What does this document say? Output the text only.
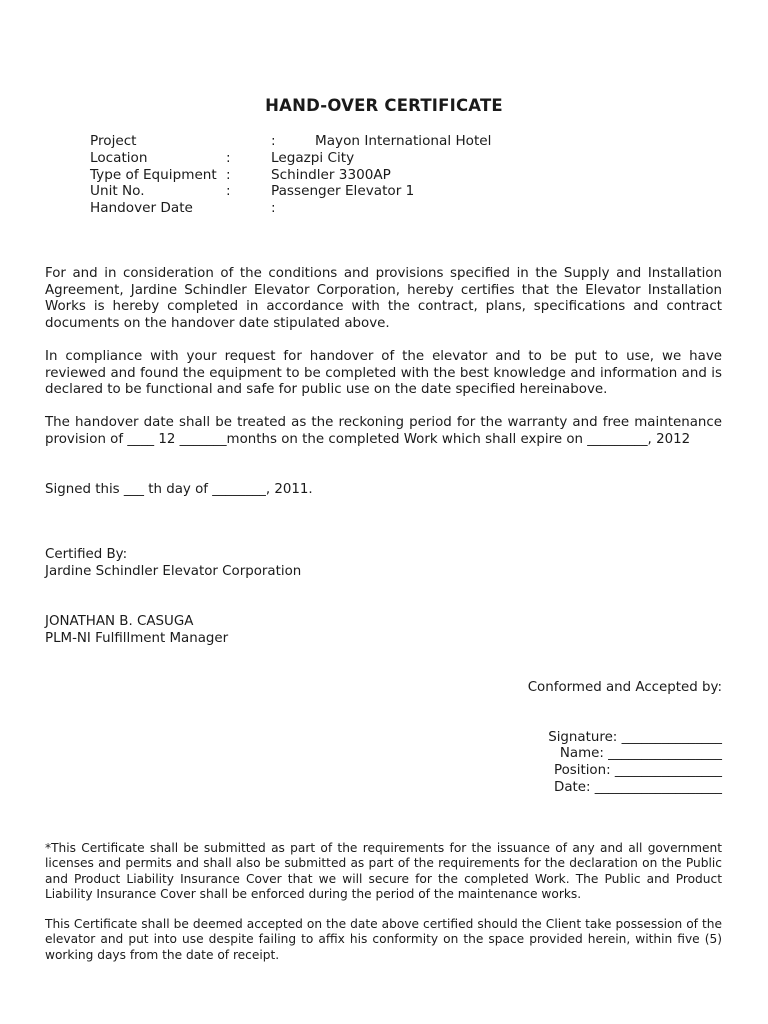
HAND-OVER CERTIFICATE
Project	:	Mayon International Hotel
Location	:	Legazpi City
Type of Equipment :	Schindler 3300AP
Unit No.	:	Passenger Elevator 1
Handover Date	:
For and in consideration of the conditions and provisions specified in the Supply and Installation Agreement, Jardine Schindler Elevator Corporation, hereby certifies that the Elevator Installation Works is hereby completed in accordance with the contract, plans, specifications and contract documents on the handover date stipulated above.
In compliance with your request for handover of the elevator and to be put to use, we have reviewed and found the equipment to be completed with the best knowledge and information and is declared to be functional and safe for public use on the date specified hereinabove.
The handover date shall be treated as the reckoning period for the warranty and free maintenance provision of ____ 12 _______months on the completed Work which shall expire on _________, 2012
Signed this ___ th day of ________, 2011.
Certified By:
Jardine Schindler Elevator Corporation
JONATHAN B. CASUGA
PLM-NI Fulfillment Manager
Conformed and Accepted by:
Signature: _______________
Name: _________________
Position: ________________
Date: ___________________
*This Certificate shall be submitted as part of the requirements for the issuance of any and all government licenses and permits and shall also be submitted as part of the requirements for the declaration on the Public and Product Liability Insurance Cover that we will secure for the completed Work. The Public and Product Liability Insurance Cover shall be enforced during the period of the maintenance works.
This Certificate shall be deemed accepted on the date above certified should the Client take possession of the elevator and put into use despite failing to affix his conformity on the space provided herein, within five (5) working days from the date of receipt.
